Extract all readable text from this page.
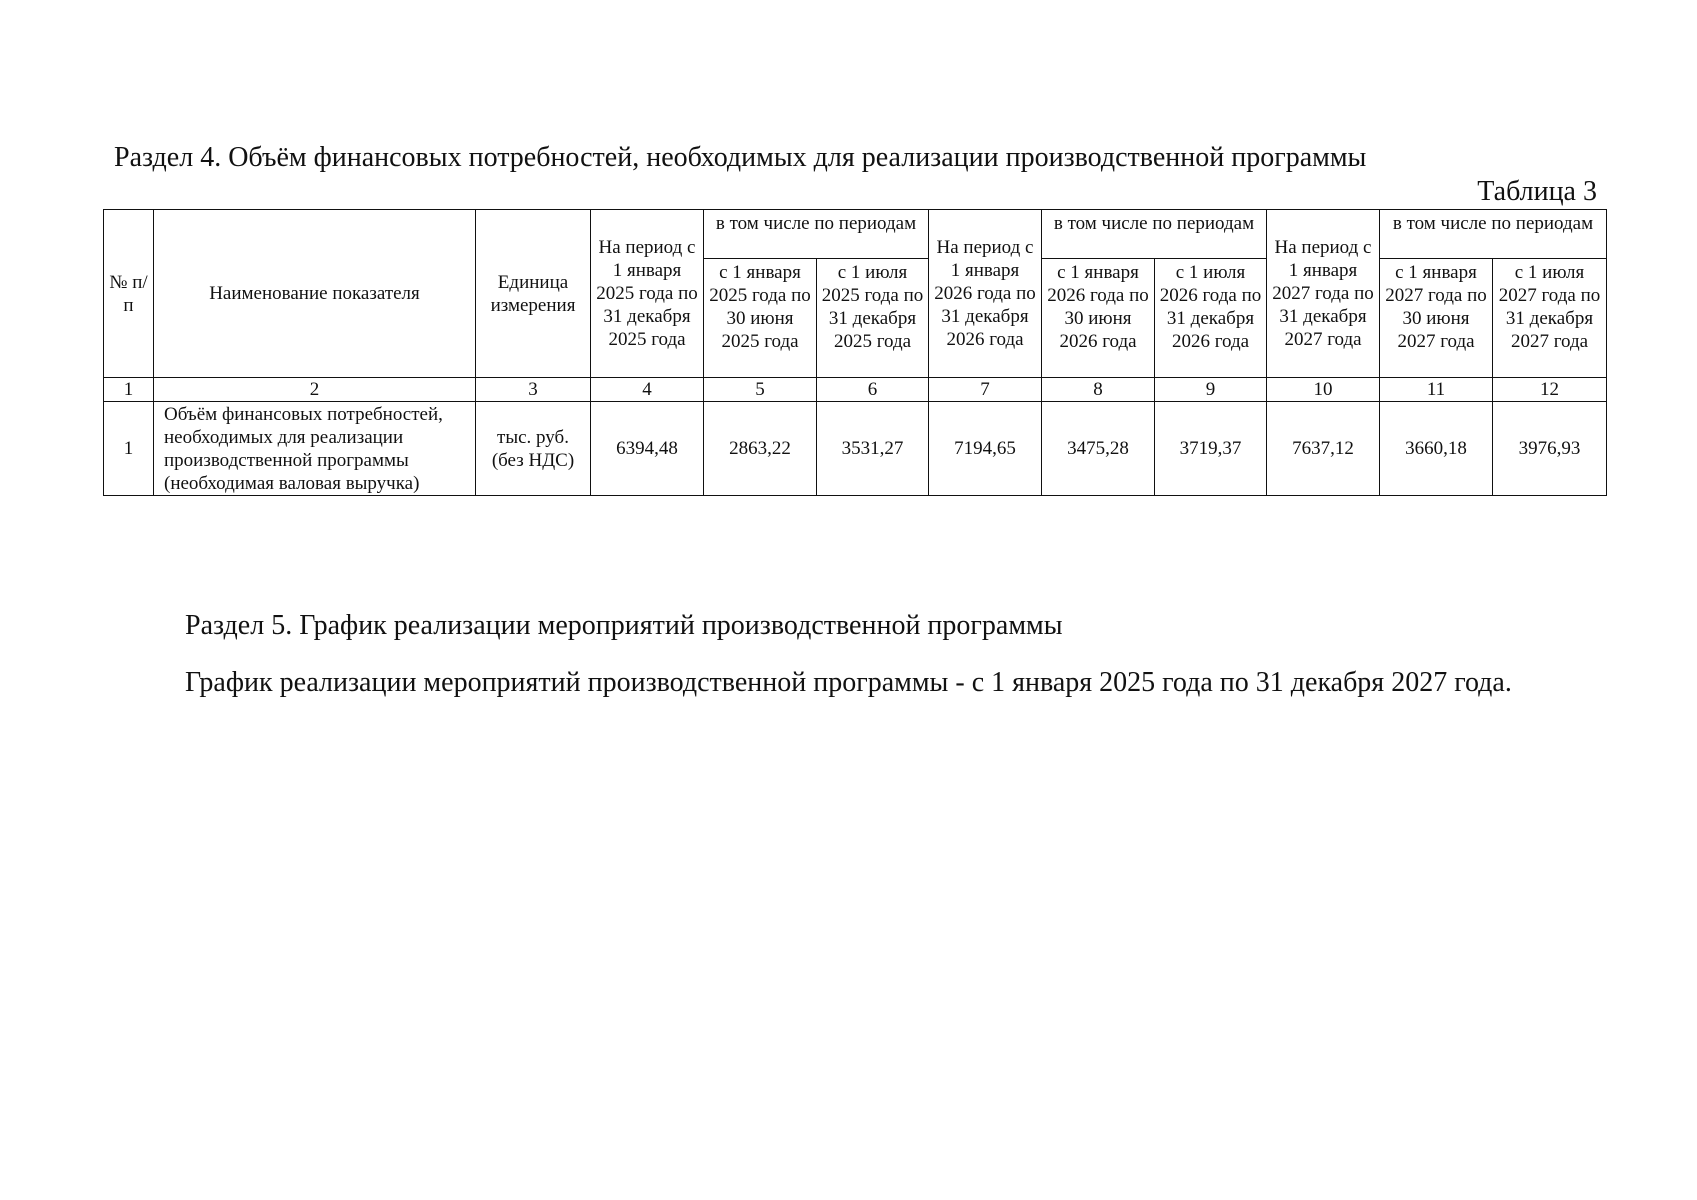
Раздел 4. Объём финансовых потребностей, необходимых для реализации производственной программы
Таблица 3
№ п/п	Наименование показателя	Единица измерения	На период с 1 января 2025 года по 31 декабря 2025 года	в том числе по периодам		На период с 1 января 2026 года по 31 декабря 2026 года	в том числе по периодам		На период с 1 января 2027 года по 31 декабря 2027 года	в том числе по периодам	
				с 1 января 2025 года по 30 июня 2025 года	с 1 июля 2025 года по 31 декабря 2025 года		с 1 января 2026 года по 30 июня 2026 года	с 1 июля 2026 года по 31 декабря 2026 года		с 1 января 2027 года по 30 июня 2027 года	с 1 июля 2027 года по 31 декабря 2027 года
1	2	3	4	5	6	7	8	9	10	11	12
1	Объём финансовых потребностей, необходимых для реализации производственной программы (необходимая валовая выручка)	тыс. руб. (без НДС)	6394,48	2863,22	3531,27	7194,65	3475,28	3719,37	7637,12	3660,18	3976,93
Раздел 5. График реализации мероприятий производственной программы
График реализации мероприятий производственной программы - с 1 января 2025 года по 31 декабря 2027 года.
